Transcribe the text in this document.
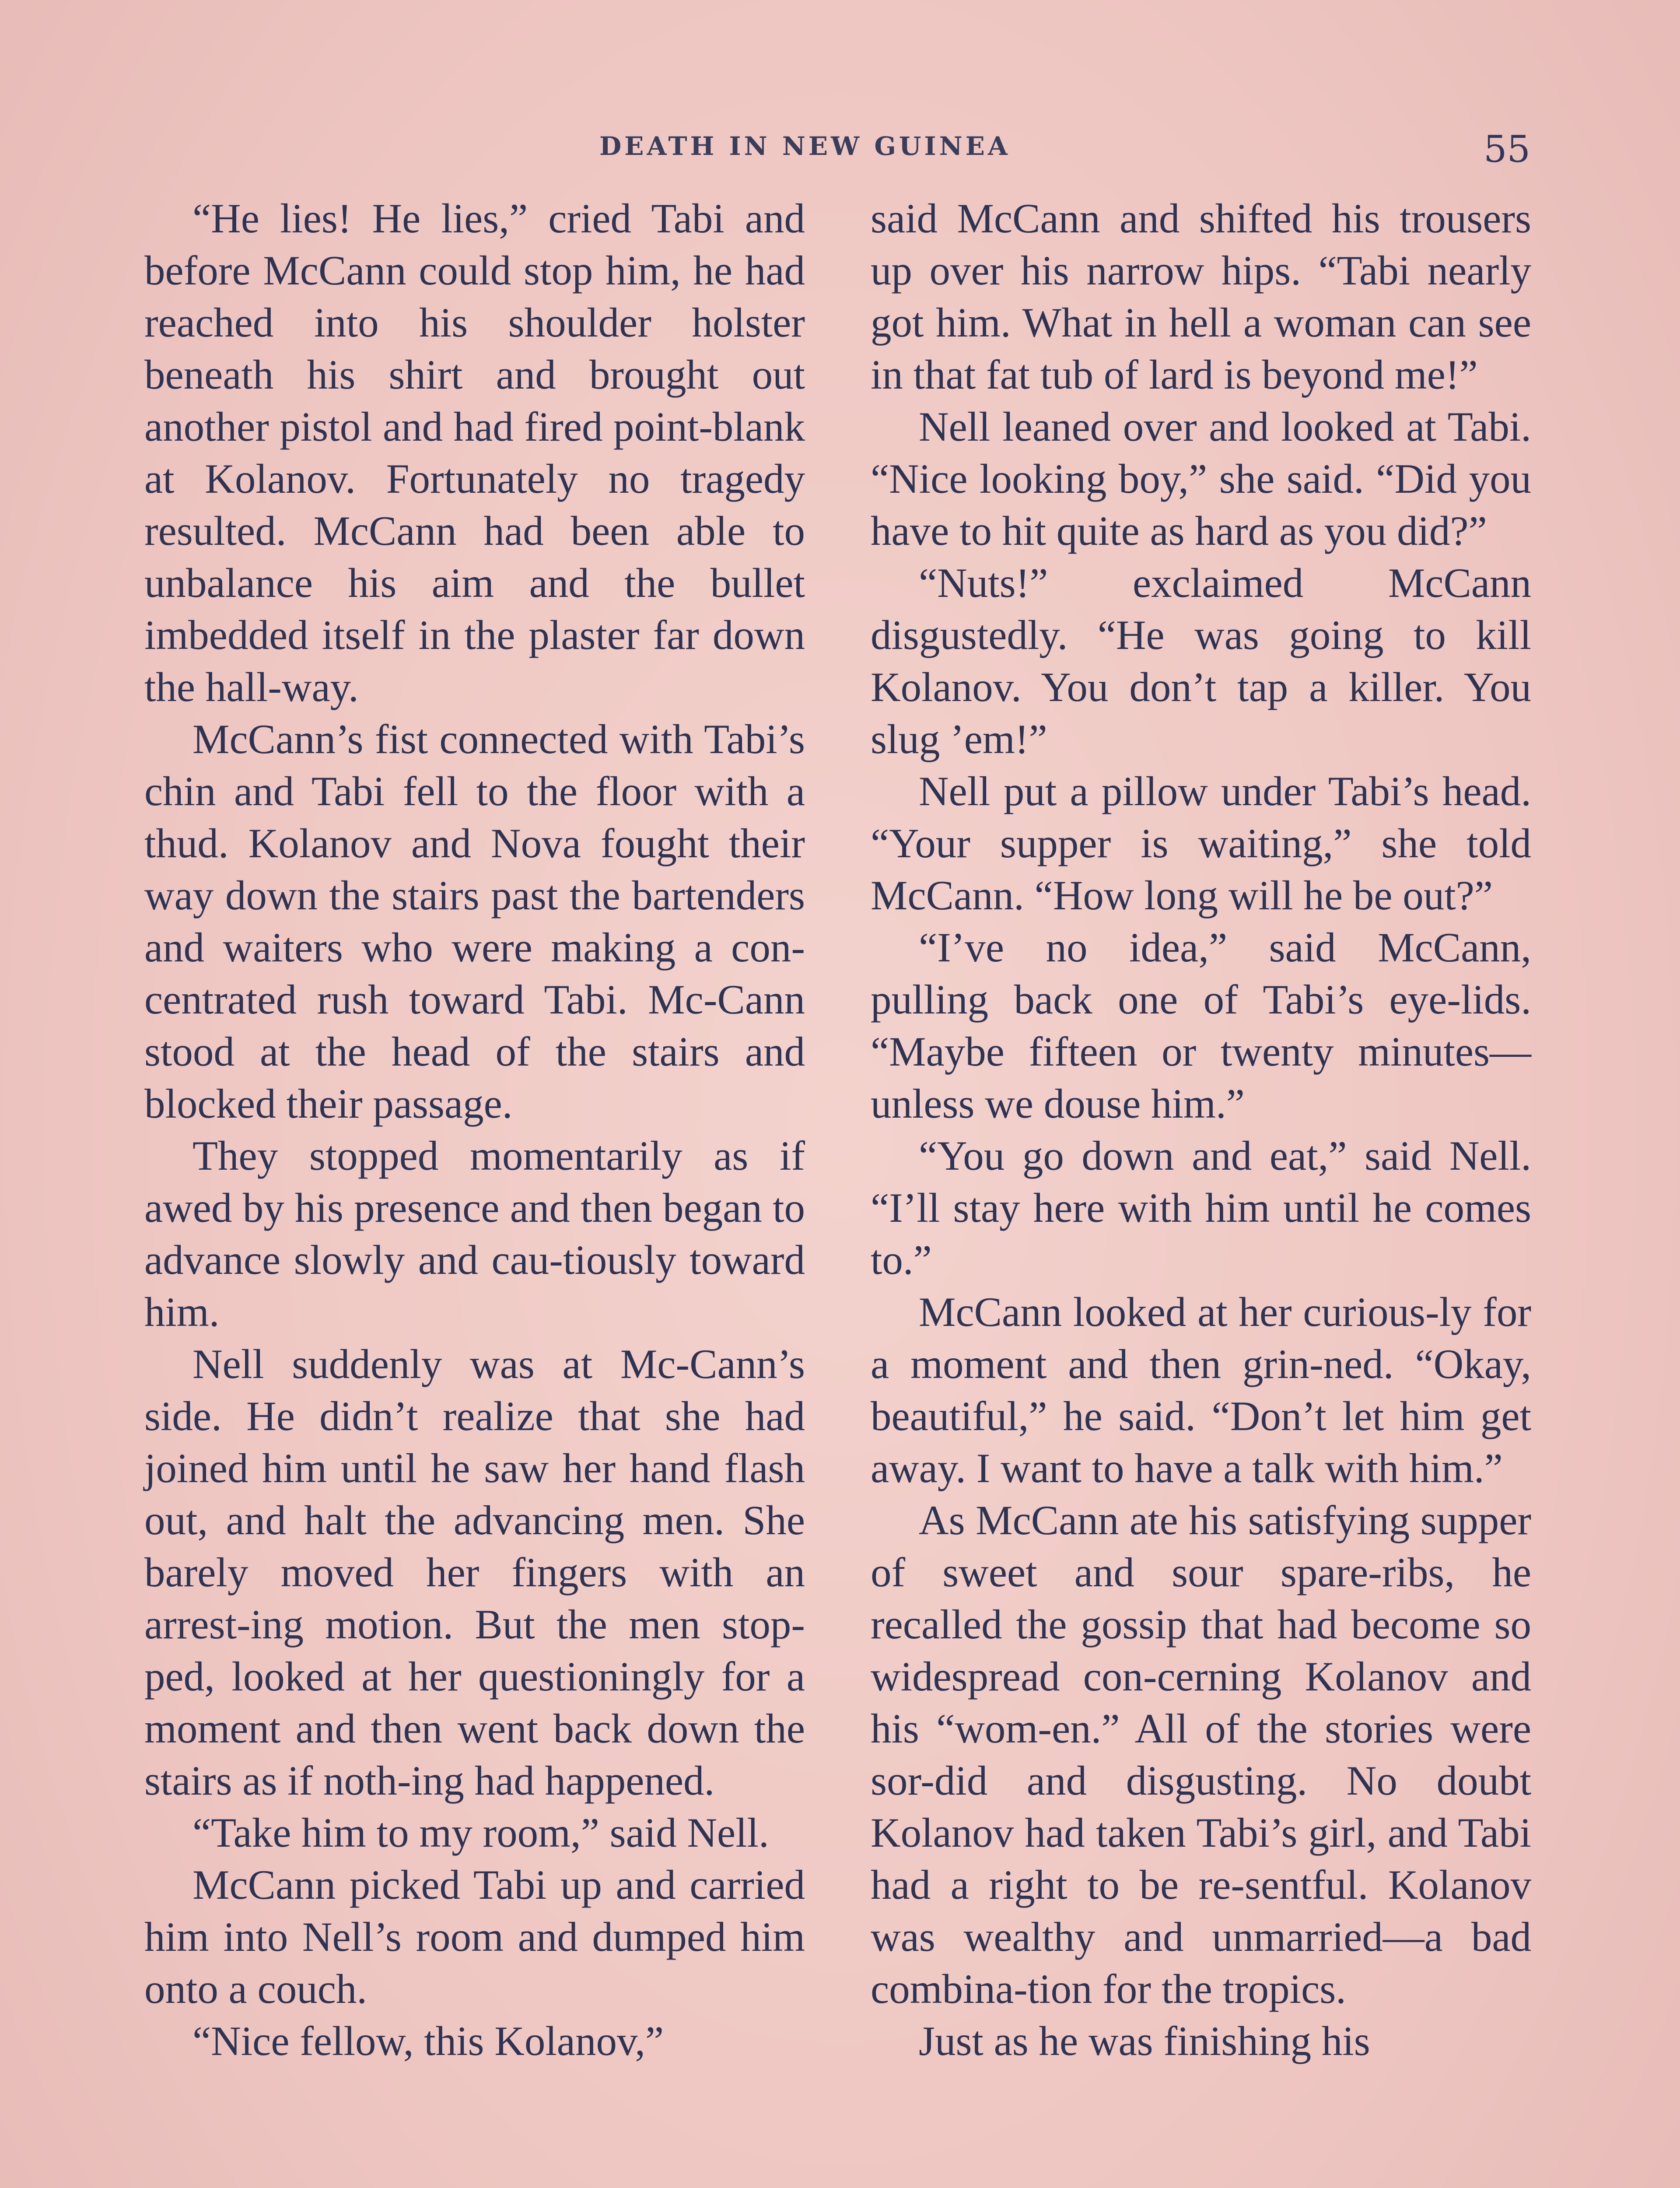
DEATH IN NEW GUINEA	55

“He lies! He lies,” cried Tabi and before McCann could stop him, he had reached into his shoulder holster beneath his shirt and brought out another pistol and had fired point-blank at Kolanov. Fortunately no tragedy resulted. McCann had been able to unbalance his aim and the bullet imbedded itself in the plaster far down the hall-way.

McCann’s fist connected with Tabi’s chin and Tabi fell to the floor with a thud. Kolanov and Nova fought their way down the stairs past the bartenders and waiters who were making a con-centrated rush toward Tabi. Mc-Cann stood at the head of the stairs and blocked their passage.

They stopped momentarily as if awed by his presence and then began to advance slowly and cau-tiously toward him.

Nell suddenly was at Mc-Cann’s side. He didn’t realize that she had joined him until he saw her hand flash out, and halt the advancing men. She barely moved her fingers with an arrest-ing motion. But the men stop-ped, looked at her questioningly for a moment and then went back down the stairs as if noth-ing had happened.

“Take him to my room,” said Nell.

McCann picked Tabi up and carried him into Nell’s room and dumped him onto a couch.

“Nice fellow, this Kolanov,”

said McCann and shifted his trousers up over his narrow hips. “Tabi nearly got him. What in hell a woman can see in that fat tub of lard is beyond me!”

Nell leaned over and looked at Tabi. “Nice looking boy,” she said. “Did you have to hit quite as hard as you did?”

“Nuts!” exclaimed McCann disgustedly. “He was going to kill Kolanov. You don’t tap a killer. You slug ’em!”

Nell put a pillow under Tabi’s head. “Your supper is waiting,” she told McCann. “How long will he be out?”

“I’ve no idea,” said McCann, pulling back one of Tabi’s eye-lids. “Maybe fifteen or twenty minutes—unless we douse him.”

“You go down and eat,” said Nell. “I’ll stay here with him until he comes to.”

McCann looked at her curious-ly for a moment and then grin-ned. “Okay, beautiful,” he said. “Don’t let him get away. I want to have a talk with him.”

As McCann ate his satisfying supper of sweet and sour spare-ribs, he recalled the gossip that had become so widespread con-cerning Kolanov and his “wom-en.” All of the stories were sor-did and disgusting. No doubt Kolanov had taken Tabi’s girl, and Tabi had a right to be re-sentful. Kolanov was wealthy and unmarried—a bad combina-tion for the tropics.

Just as he was finishing his
